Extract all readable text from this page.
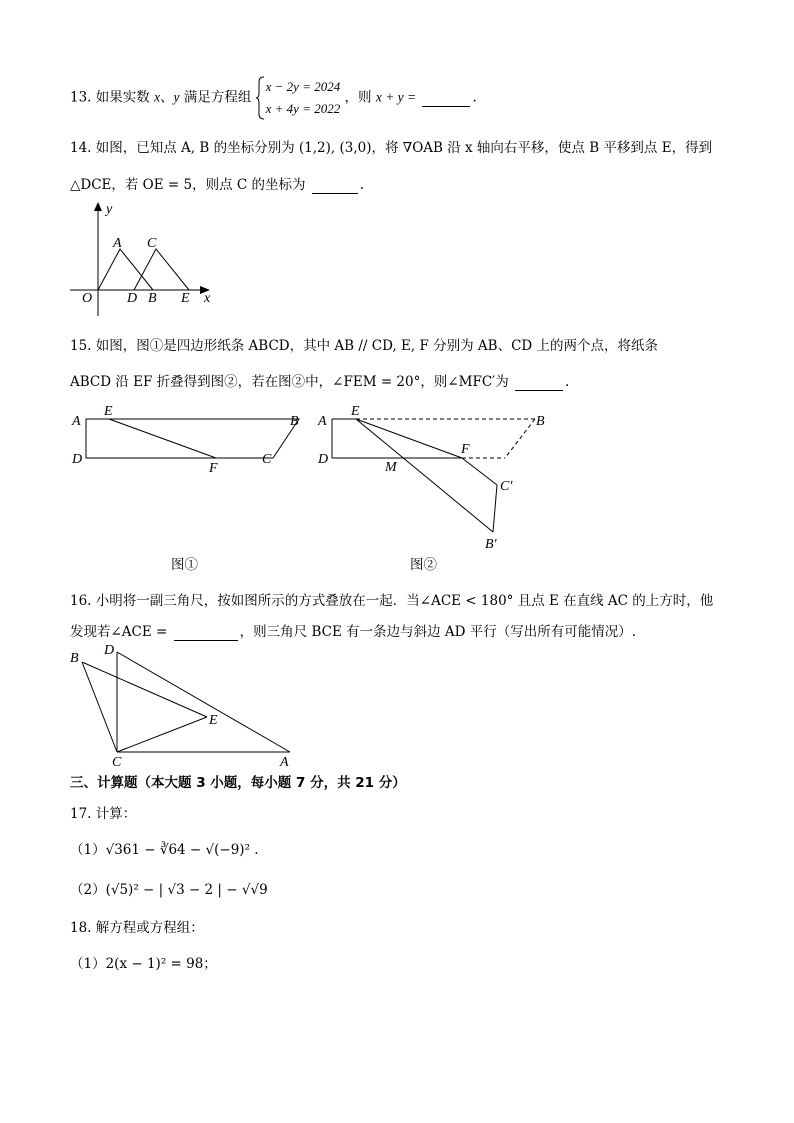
13. 如果实数 x、y 满足方程组
x − 2y = 2024
x + 4y = 2022
，则 x + y =	.
14. 如图，已知点 A, B 的坐标分别为 (1,2), (3,0)，将 ∇OAB 沿 x 轴向右平移，使点 B 平移到点 E，得到
△DCE，若 OE = 5，则点 C 的坐标为	.
y
x
O
A C
D B E
15. 如图，图①是四边形纸条 ABCD，其中 AB // CD, E, F 分别为 AB、CD 上的两个点，将纸条
ABCD 沿 EF 折叠得到图②，若在图②中，∠FEM = 20°，则∠MFC′为	.
A
E
B
D
F
C
A
E
B
D
M
F
C′
B′
图①	图②
16. 小明将一副三角尺，按如图所示的方式叠放在一起．当∠ACE < 180° 且点 E 在直线 AC 的上方时，他
发现若∠ACE =	，则三角尺 BCE 有一条边与斜边 AD 平行（写出所有可能情况）.
B
D
E
C	A
三、计算题（本大题 3 小题，每小题 7 分，共 21 分）
17. 计算：
（1）√361 − ∛64 − √(−9)² .
（2）(√5)² − | √3 − 2 | − √√9
18. 解方程或方程组：
（1）2(x − 1)² = 98；
